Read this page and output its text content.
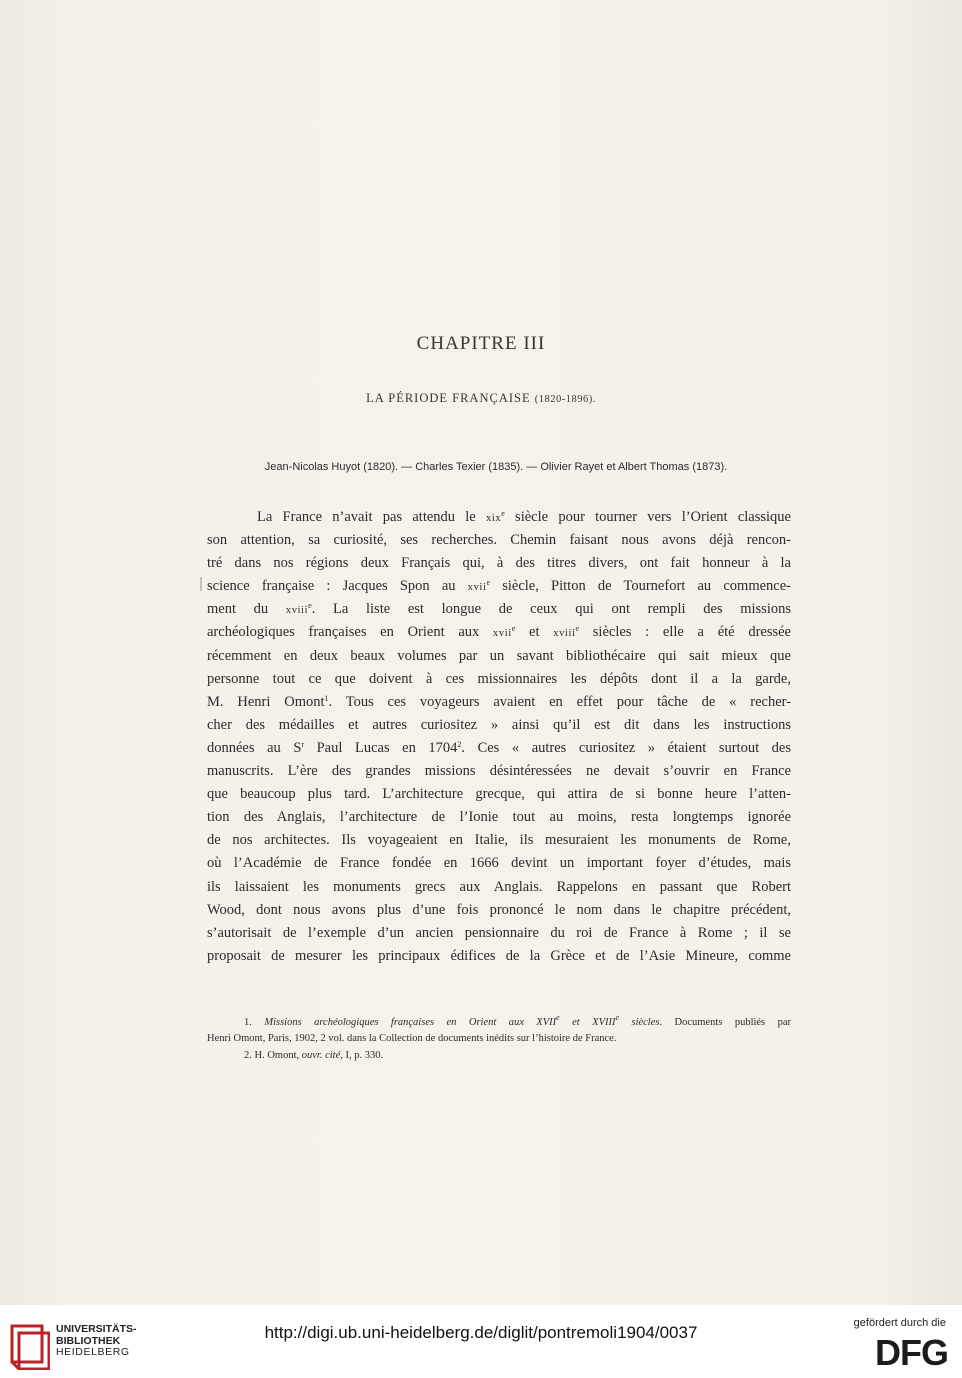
CHAPITRE III
LA PÉRIODE FRANÇAISE (1820-1896).
Jean-Nicolas Huyot (1820). — Charles Texier (1835). — Olivier Rayet et Albert Thomas (1873).
La France n’avait pas attendu le xix$^e$ siècle pour tourner vers l’Orient classique
son attention, sa curiosité, ses recherches. Chemin faisant nous avons déjà rencon-
tré dans nos régions deux Français qui, à des titres divers, ont fait honneur à la
science française : Jacques Spon au xvii$^e$ siècle, Pitton de Tournefort au commence-
ment du xviii$^e$. La liste est longue de ceux qui ont rempli des missions
archéologiques françaises en Orient aux xvii$^e$ et xviii$^e$ siècles : elle a été dressée
récemment en deux beaux volumes par un savant bibliothécaire qui sait mieux que
personne tout ce que doivent à ces missionnaires les dépôts dont il a la garde,
M. Henri Omont$^1$. Tous ces voyageurs avaient en effet pour tâche de « recher-
cher des médailles et autres curiositez » ainsi qu’il est dit dans les instructions
données au $S^r$ Paul Lucas en 1704$^2$. Ces « autres curiositez » étaient surtout des
manuscrits. L’ère des grandes missions désintéressées ne devait s’ouvrir en France
que beaucoup plus tard. L’architecture grecque, qui attira de si bonne heure l’atten-
tion des Anglais, l’architecture de l’Ionie tout au moins, resta longtemps ignorée
de nos architectes. Ils voyageaient en Italie, ils mesuraient les monuments de Rome,
où l’Académie de France fondée en 1666 devint un important foyer d’études, mais
ils laissaient les monuments grecs aux Anglais. Rappelons en passant que Robert
Wood, dont nous avons plus d’une fois prononcé le nom dans le chapitre précédent,
s’autorisait de l’exemple d’un ancien pensionnaire du roi de France à Rome ; il se
proposait de mesurer les principaux édifices de la Grèce et de l’Asie Mineure, comme
1. Missions archéologiques françaises en Orient aux XVIIe et XVIIIe siècles. Documents publiés par
Henri Omont, Paris, 1902, 2 vol. dans la Collection de documents inédits sur l’histoire de France.
2. H. Omont, ouvr. cité, I, p. 330.
UNIVERSITÄTS-
BIBLIOTHEK
HEIDELBERG
http://digi.ub.uni-heidelberg.de/diglit/pontremoli1904/0037	gefördert durch die
DFG
